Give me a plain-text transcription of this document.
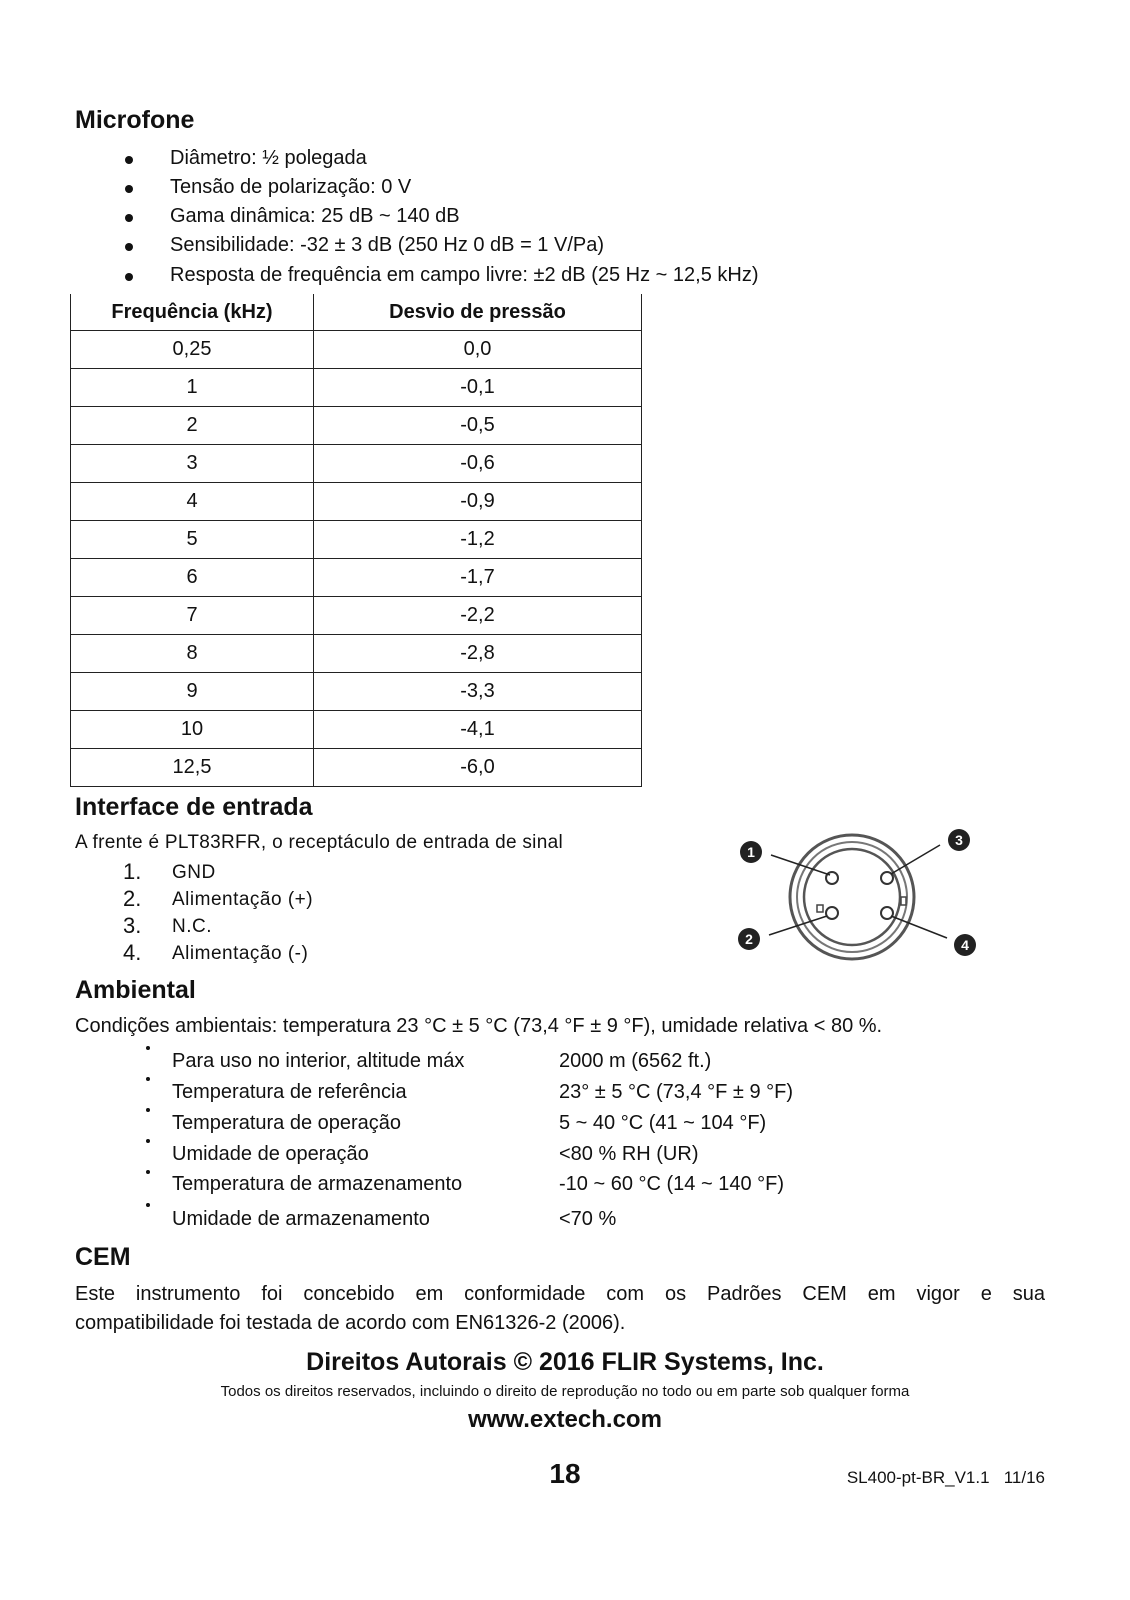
Microfone
Diâmetro: ½ polegada
Tensão de polarização: 0 V
Gama dinâmica: 25 dB ~ 140 dB
Sensibilidade: -32 ± 3 dB (250 Hz 0 dB = 1 V/Pa)
Resposta de frequência em campo livre: ±2 dB (25 Hz ~ 12,5 kHz)
Frequência (kHz)	Desvio de pressão
0,25	0,0
1	-0,1
2	-0,5
3	-0,6
4	-0,9
5	-1,2
6	-1,7
7	-2,2
8	-2,8
9	-3,3
10	-4,1
12,5	-6,0
Interface de entrada
A frente é PLT83RFR, o receptáculo de entrada de sinal
1. GND
2. Alimentação (+)
3. N.C.
4. Alimentação (-)
1
3
2	4
Ambiental
Condições ambientais: temperatura 23 °C ± 5 °C (73,4 °F ± 9 °F), umidade relativa < 80 %.
Para uso no interior, altitude máx	2000 m (6562 ft.)
Temperatura de referência	23° ± 5 °C (73,4 °F ± 9 °F)
Temperatura de operação	5 ~ 40 °C (41 ~ 104 °F)
Umidade de operação	<80 % RH (UR)
Temperatura de armazenamento	-10 ~ 60 °C (14 ~ 140 °F)
Umidade de armazenamento	<70 %
CEM
Este instrumento foi concebido em conformidade com os Padrões CEM em vigor e sua
compatibilidade foi testada de acordo com EN61326-2 (2006).
Direitos Autorais © 2016 FLIR Systems, Inc.
Todos os direitos reservados, incluindo o direito de reprodução no todo ou em parte sob qualquer forma
www.extech.com
18	SL400-pt-BR_V1.1   11/16
